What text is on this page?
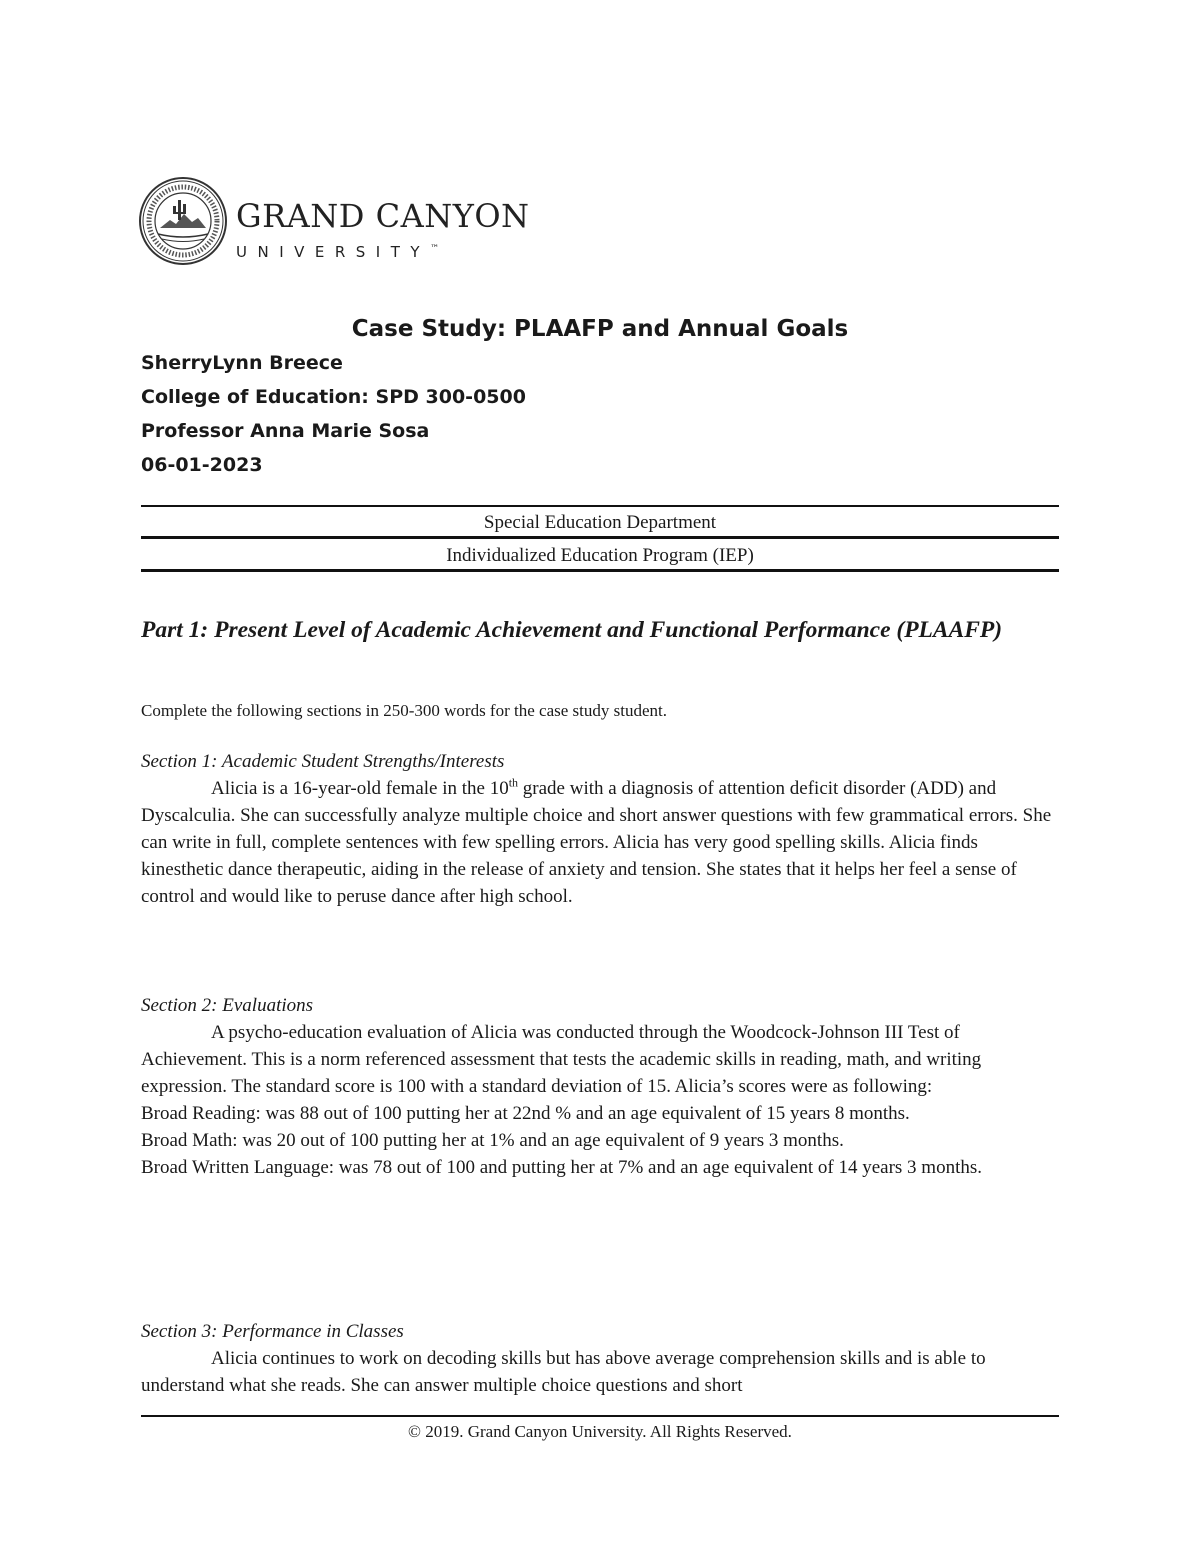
GRAND CANYON
UNIVERSITY™

Case Study: PLAAFP and Annual Goals

SherryLynn Breece

College of Education: SPD 300-0500

Professor Anna Marie Sosa

06-01-2023

Special Education Department
Individualized Education Program (IEP)

Part 1: Present Level of Academic Achievement and Functional Performance (PLAAFP)

Complete the following sections in 250-300 words for the case study student.

Section 1: Academic Student Strengths/Interests

Alicia is a 16-year-old female in the 10th grade with a diagnosis of attention deficit disorder (ADD) and Dyscalculia. She can successfully analyze multiple choice and short answer questions with few grammatical errors. She can write in full, complete sentences with few spelling errors. Alicia has very good spelling skills. Alicia finds kinesthetic dance therapeutic, aiding in the release of anxiety and tension. She states that it helps her feel a sense of control and would like to peruse dance after high school.

Section 2: Evaluations

A psycho-education evaluation of Alicia was conducted through the Woodcock-Johnson III Test of Achievement. This is a norm referenced assessment that tests the academic skills in reading, math, and writing expression. The standard score is 100 with a standard deviation of 15. Alicia’s scores were as following:

Broad Reading: was 88 out of 100 putting her at 22nd % and an age equivalent of 15 years 8 months.

Broad Math: was 20 out of 100 putting her at 1% and an age equivalent of 9 years 3 months.

Broad Written Language: was 78 out of 100 and putting her at 7% and an age equivalent of 14 years 3 months.

Section 3: Performance in Classes

Alicia continues to work on decoding skills but has above average comprehension skills and is able to understand what she reads. She can answer multiple choice questions and short

© 2019. Grand Canyon University. All Rights Reserved.
